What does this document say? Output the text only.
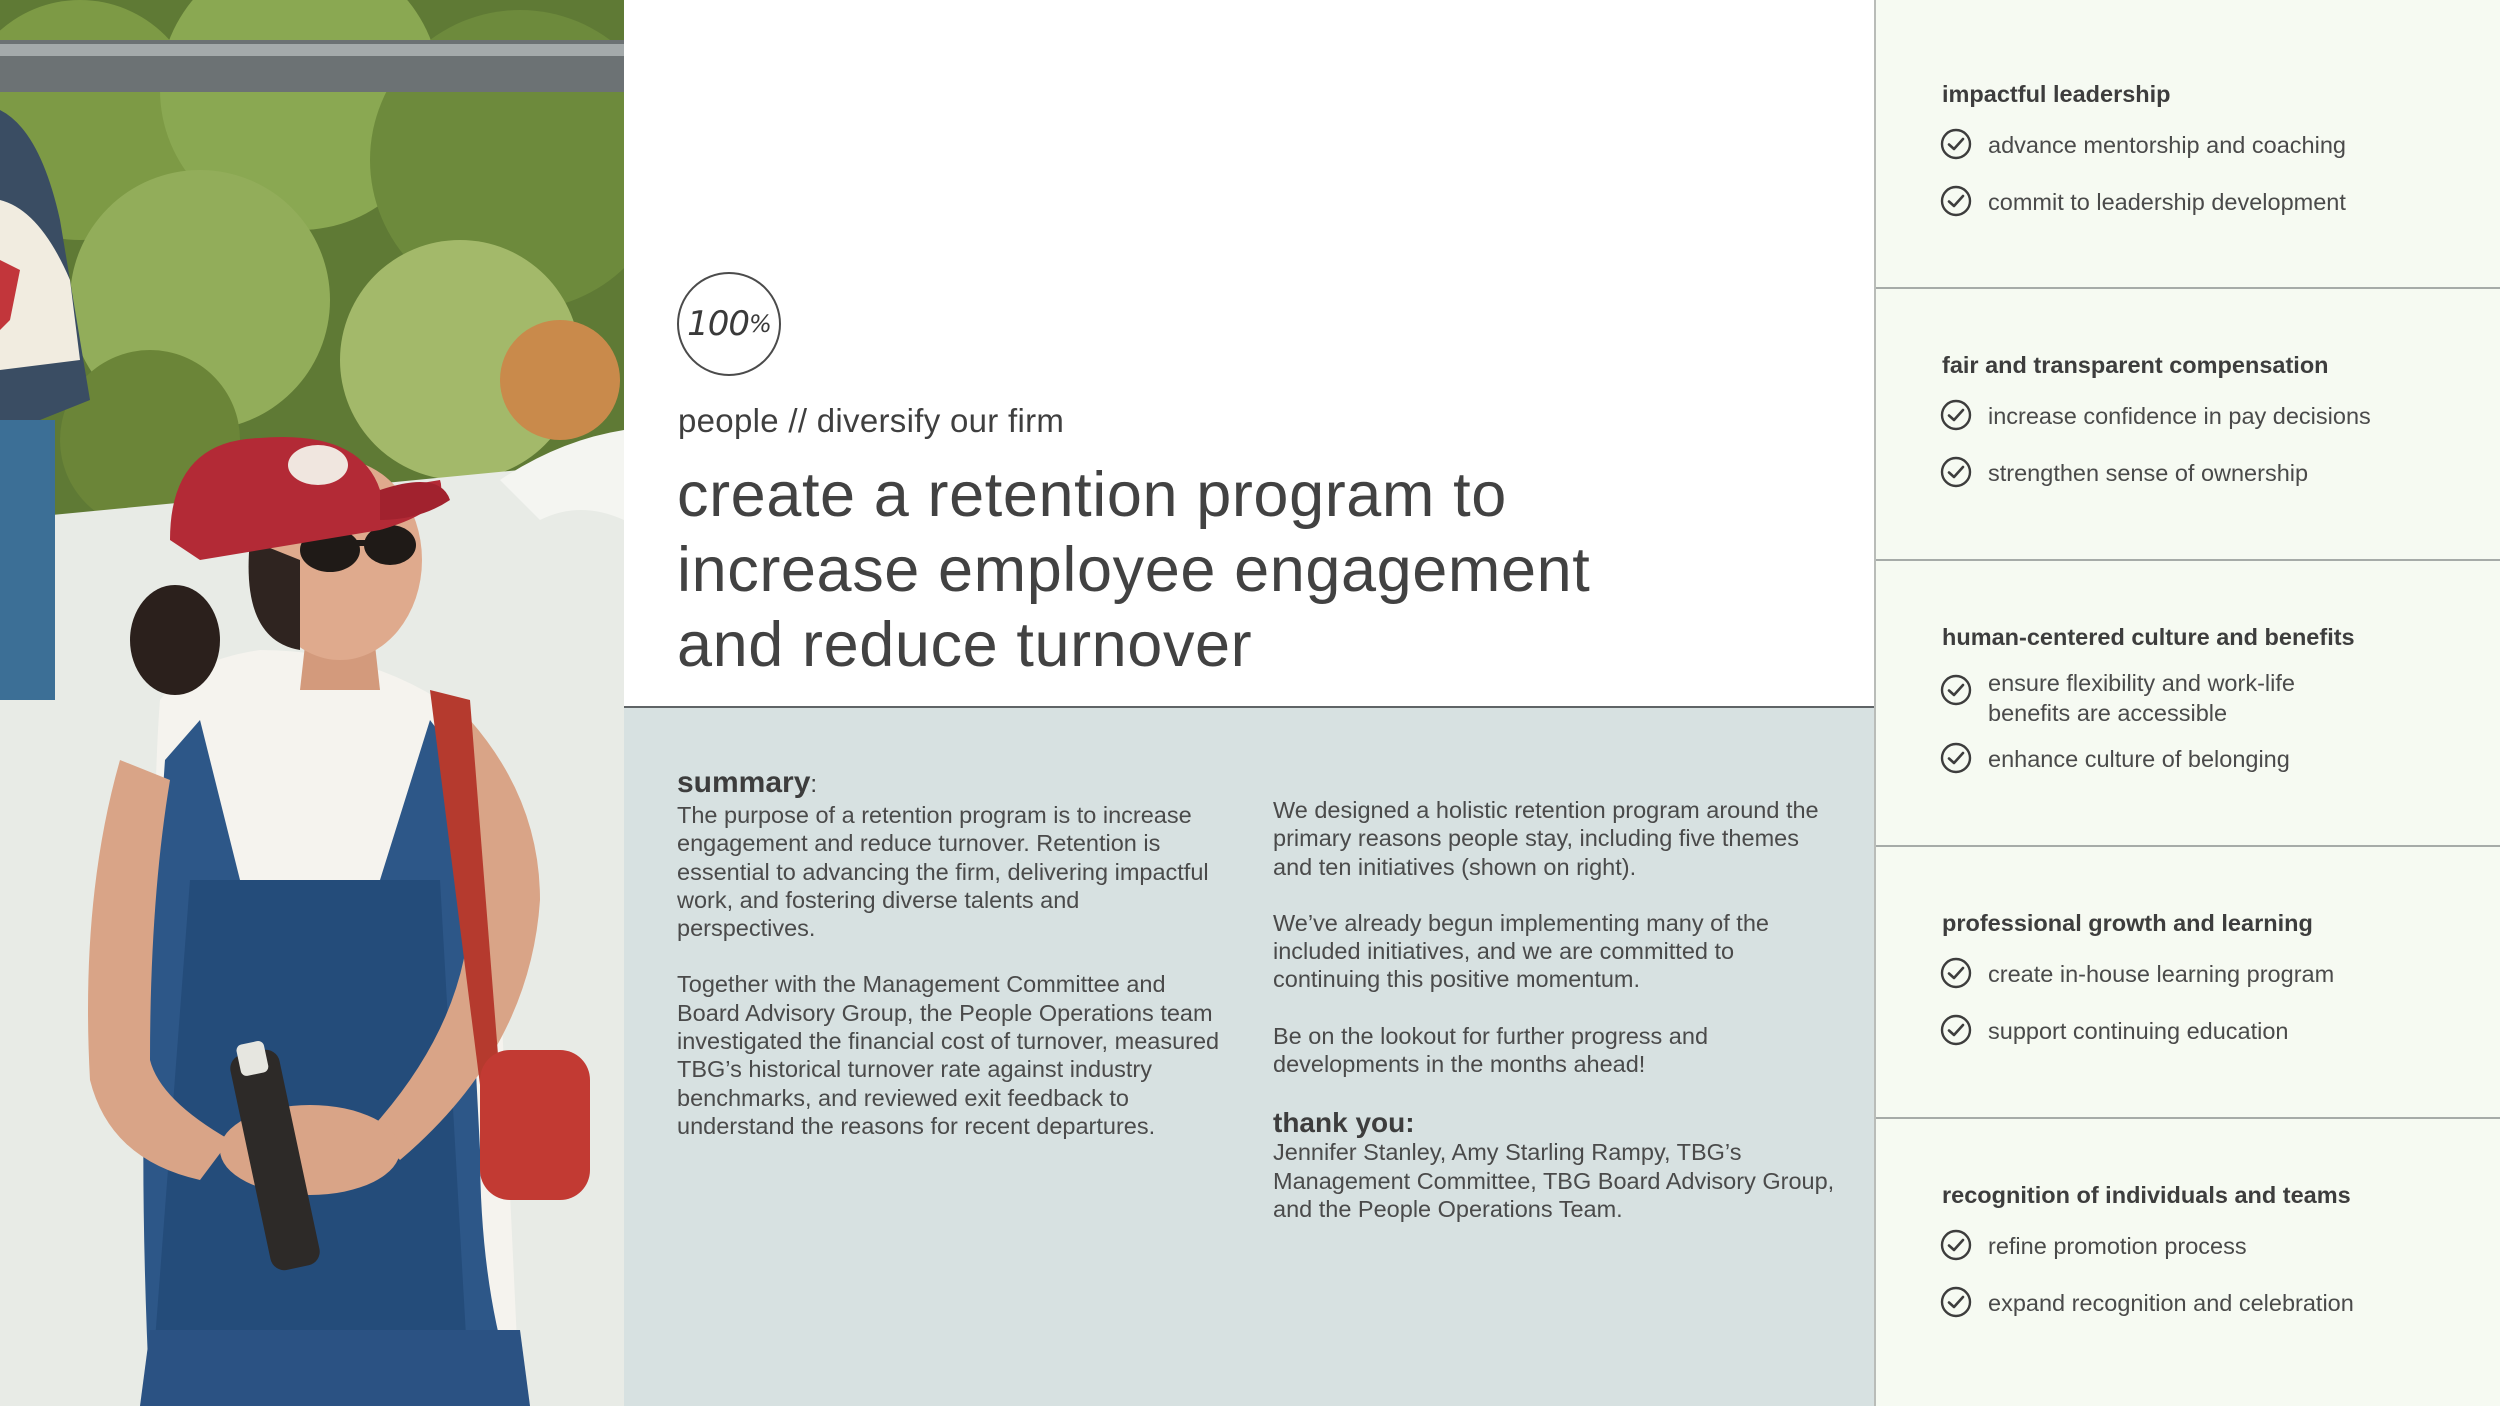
100 %
people // diversify our firm
create a retention program to
increase employee engagement
and reduce turnover
summary:

The purpose of a retention program is to increase engagement and reduce turnover. Retention is essential to advancing the firm, delivering impactful work, and fostering diverse talents and perspectives.

Together with the Management Committee and Board Advisory Group, the People Operations team investigated the financial cost of turnover, measured TBG’s historical turnover rate against industry benchmarks, and reviewed exit feedback to understand the reasons for recent departures.

We designed a holistic retention program around the primary reasons people stay, including five themes and ten initiatives (shown on right).

We’ve already begun implementing many of the included initiatives, and we are committed to continuing this positive momentum.

Be on the lookout for further progress and developments in the months ahead!

thank you:

Jennifer Stanley, Amy Starling Rampy, TBG’s Management Committee, TBG Board Advisory Group, and the People Operations Team.

impactful leadership
advance mentorship and coaching
commit to leadership development
fair and transparent compensation
increase confidence in pay decisions
strengthen sense of ownership
human-centered culture and benefits
ensure flexibility and work-life benefits are accessible
enhance culture of belonging
professional growth and learning
create in-house learning program
support continuing education
recognition of individuals and teams
refine promotion process
expand recognition and celebration
